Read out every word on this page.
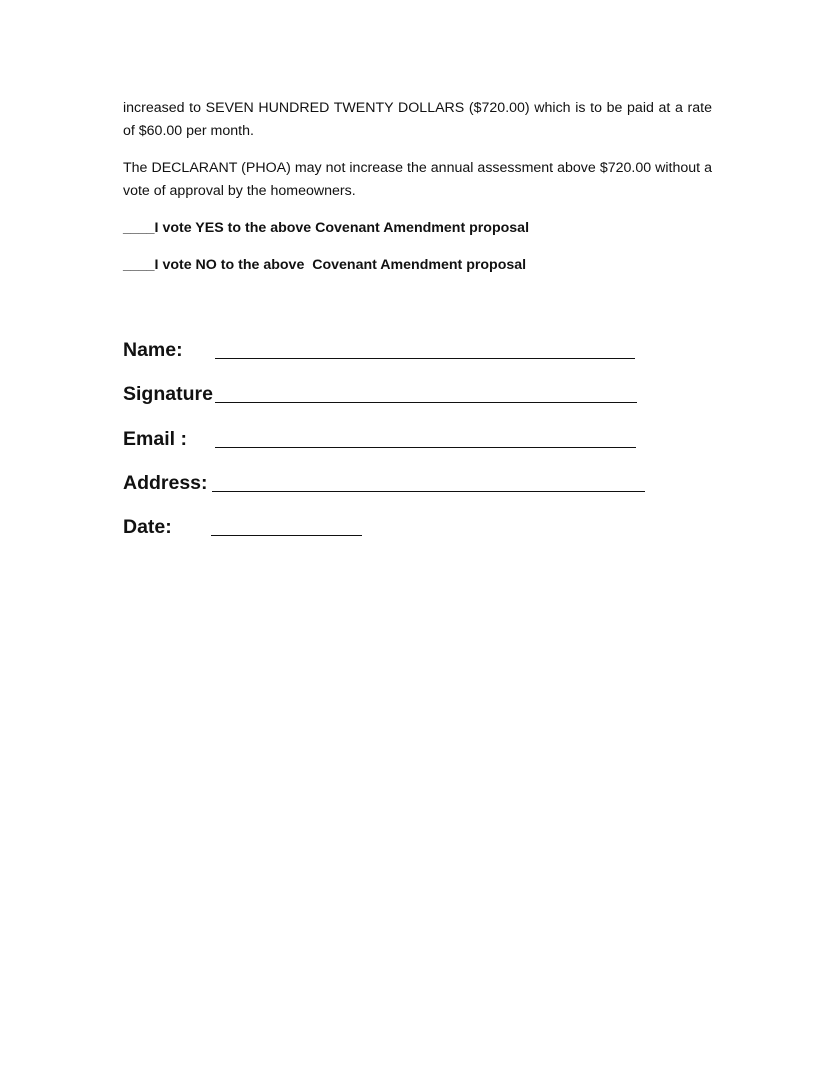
increased to SEVEN HUNDRED TWENTY DOLLARS ($720.00) which is to be paid at a rate of $60.00 per month.

The DECLARANT (PHOA) may not increase the annual assessment above $720.00 without a vote of approval by the homeowners.

____I vote YES to the above Covenant Amendment proposal

____I vote NO to the above  Covenant Amendment proposal

Name:
Signature
Email :
Address:
Date:
